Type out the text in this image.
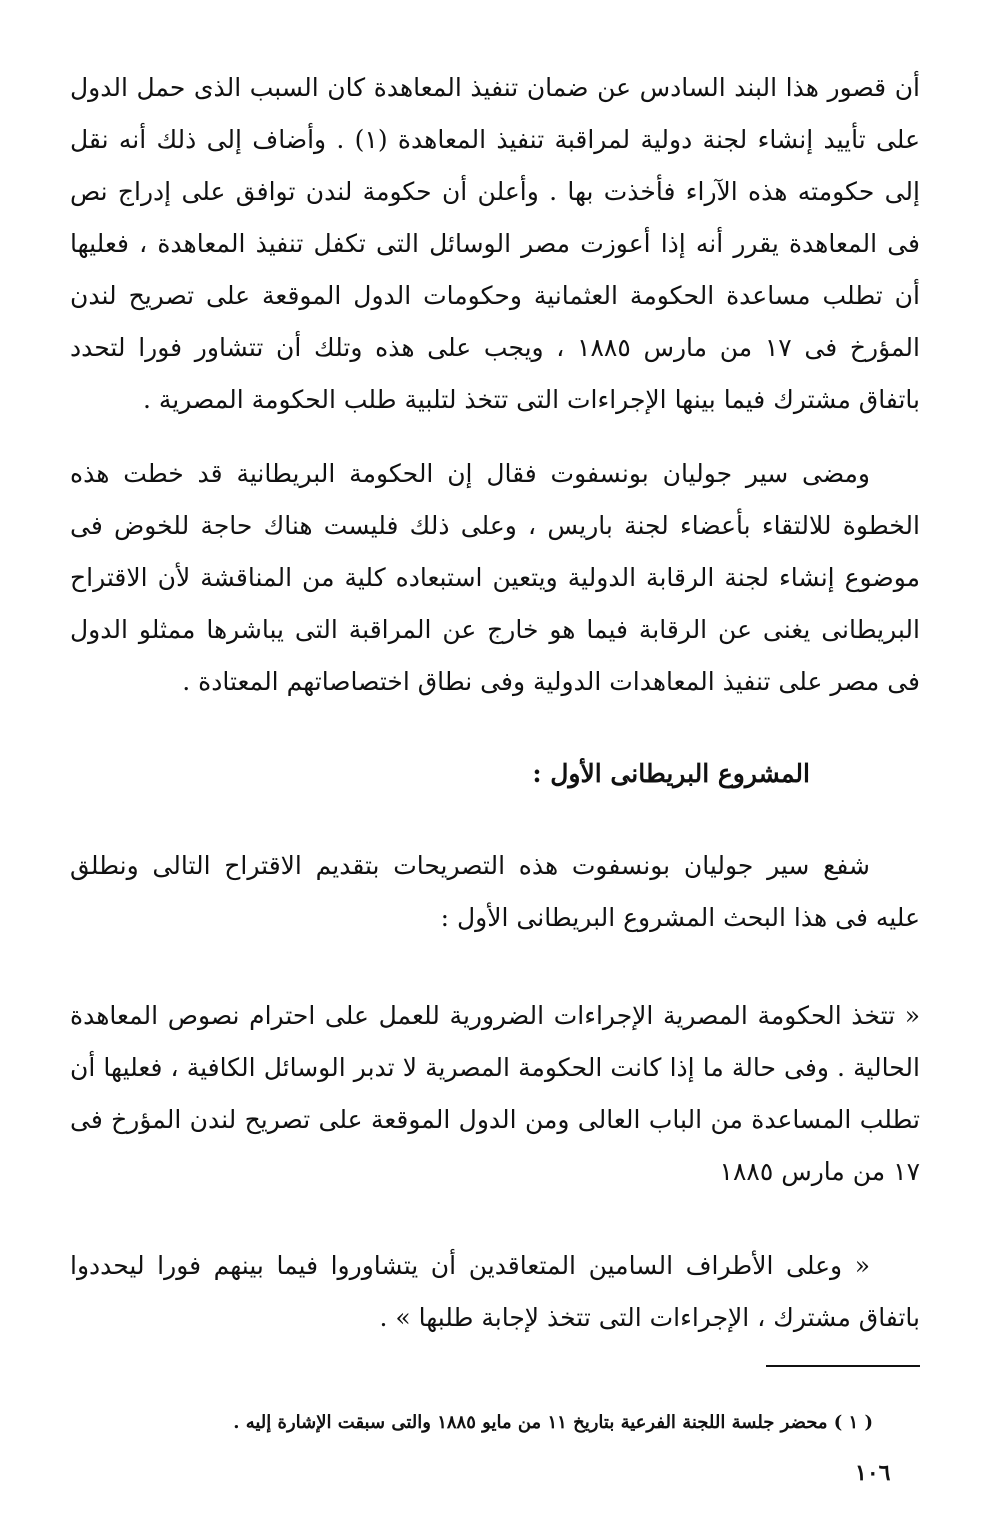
أن قصور هذا البند السادس عن ضمان تنفيذ المعاهدة كان السبب الذى حمل الدول على تأييد إنشاء لجنة دولية لمراقبة تنفيذ المعاهدة (١) . وأضاف إلى ذلك أنه نقل إلى حكومته هذه الآراء فأخذت بها . وأعلن أن حكومة لندن توافق على إدراج نص فى المعاهدة يقرر أنه إذا أعوزت مصر الوسائل التى تكفل تنفيذ المعاهدة ، فعليها أن تطلب مساعدة الحكومة العثمانية وحكومات الدول الموقعة على تصريح لندن المؤرخ فى ١٧ من مارس ١٨٨٥ ، ويجب على هذه وتلك أن تتشاور فورا لتحدد باتفاق مشترك فيما بينها الإجراءات التى تتخذ لتلبية طلب الحكومة المصرية .

ومضى سير جوليان بونسفوت فقال إن الحكومة البريطانية قد خطت هذه الخطوة للالتقاء بأعضاء لجنة باريس ، وعلى ذلك فليست هناك حاجة للخوض فى موضوع إنشاء لجنة الرقابة الدولية ويتعين استبعاده كلية من المناقشة لأن الاقتراح البريطانى يغنى عن الرقابة فيما هو خارج عن المراقبة التى يباشرها ممثلو الدول فى مصر على تنفيذ المعاهدات الدولية وفى نطاق اختصاصاتهم المعتادة .

المشروع البريطانى الأول :

شفع سير جوليان بونسفوت هذه التصريحات بتقديم الاقتراح التالى ونطلق عليه فى هذا البحث المشروع البريطانى الأول :

« تتخذ الحكومة المصرية الإجراءات الضرورية للعمل على احترام نصوص المعاهدة الحالية . وفى حالة ما إذا كانت الحكومة المصرية لا تدبر الوسائل الكافية ، فعليها أن تطلب المساعدة من الباب العالى ومن الدول الموقعة على تصريح لندن المؤرخ فى ١٧ من مارس ١٨٨٥

« وعلى الأطراف السامين المتعاقدين أن يتشاوروا فيما بينهم فورا ليحددوا باتفاق مشترك ، الإجراءات التى تتخذ لإجابة طلبها » .

( ١ ) محضر جلسة اللجنة الفرعية بتاريخ ١١ من مايو ١٨٨٥ والتى سبقت الإشارة إليه .
١٠٦
